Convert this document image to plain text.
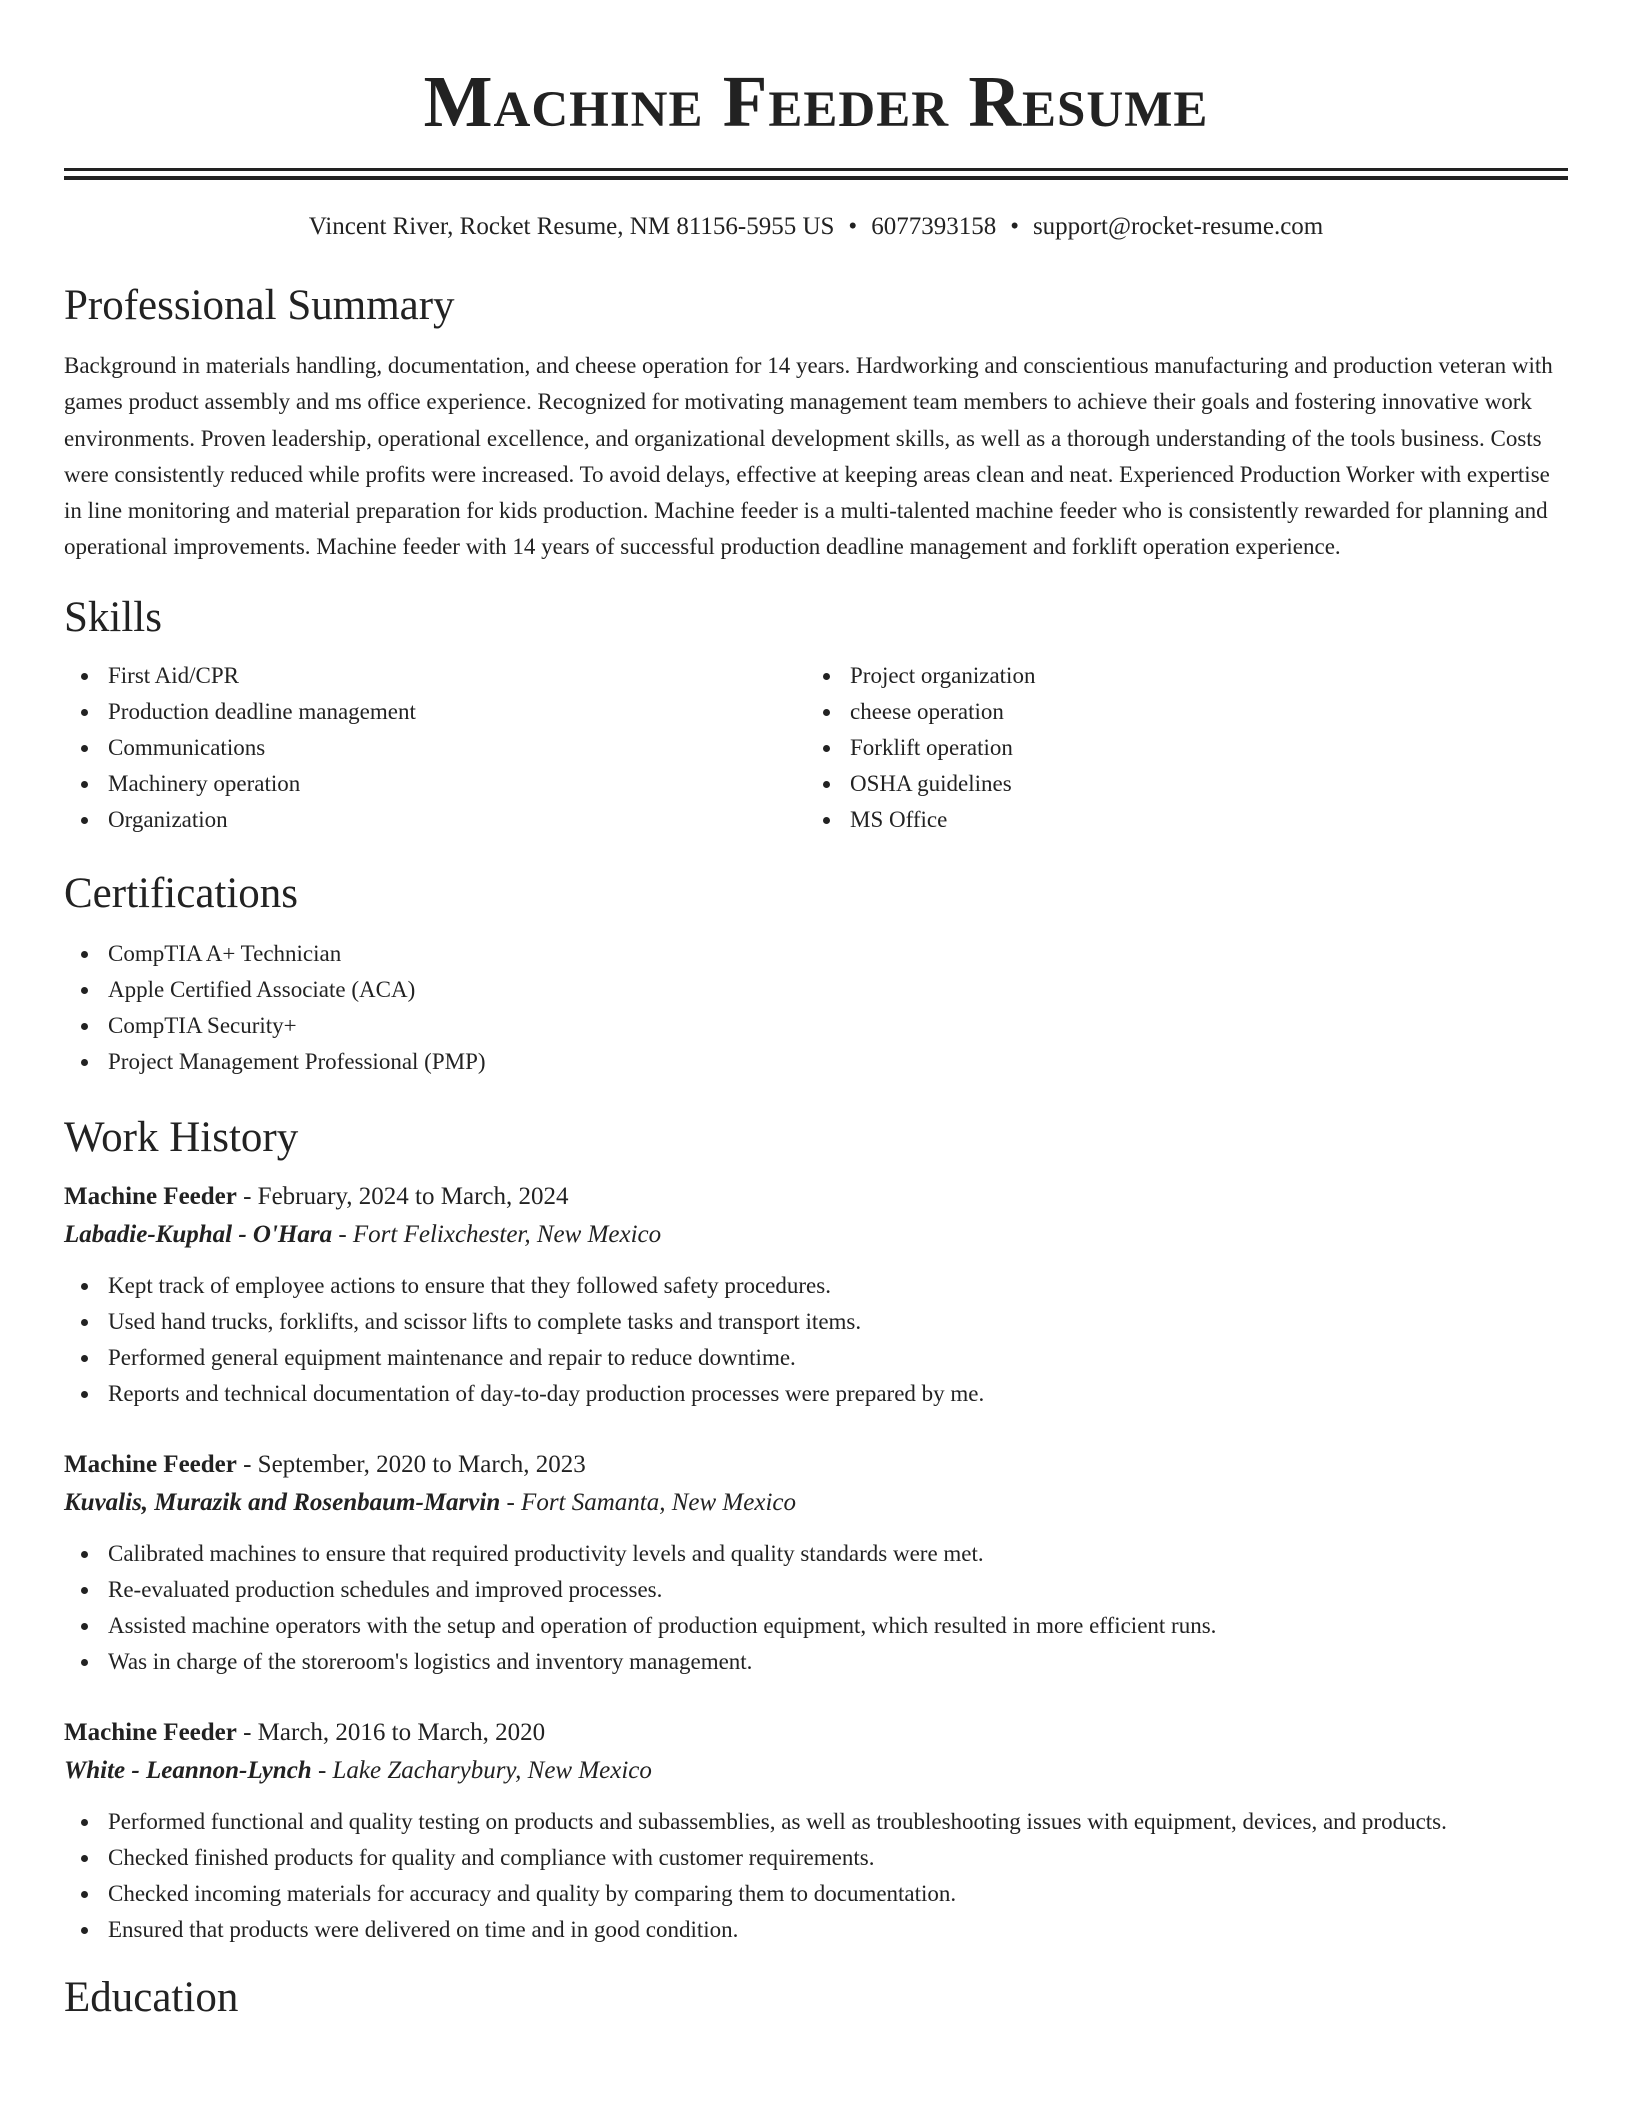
Machine Feeder Resume
Vincent River, Rocket Resume, NM 81156-5955 US • 6077393158 • support@rocket-resume.com
Professional Summary

Background in materials handling, documentation, and cheese operation for 14 years. Hardworking and conscientious manufacturing and production veteran with games product assembly and ms office experience. Recognized for motivating management team members to achieve their goals and fostering innovative work environments. Proven leadership, operational excellence, and organizational development skills, as well as a thorough understanding of the tools business. Costs were consistently reduced while profits were increased. To avoid delays, effective at keeping areas clean and neat. Experienced Production Worker with expertise in line monitoring and material preparation for kids production. Machine feeder is a multi-talented machine feeder who is consistently rewarded for planning and operational improvements. Machine feeder with 14 years of successful production deadline management and forklift operation experience.

Skills
First Aid/CPR
Production deadline management
Communications
Machinery operation
Organization
Project organization
cheese operation
Forklift operation
OSHA guidelines
MS Office
Certifications
CompTIA A+ Technician
Apple Certified Associate (ACA)
CompTIA Security+
Project Management Professional (PMP)
Work History
Machine Feeder - February, 2024 to March, 2024
Labadie-Kuphal - O'Hara - Fort Felixchester, New Mexico
Kept track of employee actions to ensure that they followed safety procedures.
Used hand trucks, forklifts, and scissor lifts to complete tasks and transport items.
Performed general equipment maintenance and repair to reduce downtime.
Reports and technical documentation of day-to-day production processes were prepared by me.
Machine Feeder - September, 2020 to March, 2023
Kuvalis, Murazik and Rosenbaum-Marvin - Fort Samanta, New Mexico
Calibrated machines to ensure that required productivity levels and quality standards were met.
Re-evaluated production schedules and improved processes.
Assisted machine operators with the setup and operation of production equipment, which resulted in more efficient runs.
Was in charge of the storeroom's logistics and inventory management.
Machine Feeder - March, 2016 to March, 2020
White - Leannon-Lynch - Lake Zacharybury, New Mexico
Performed functional and quality testing on products and subassemblies, as well as troubleshooting issues with equipment, devices, and products.
Checked finished products for quality and compliance with customer requirements.
Checked incoming materials for accuracy and quality by comparing them to documentation.
Ensured that products were delivered on time and in good condition.
Education
